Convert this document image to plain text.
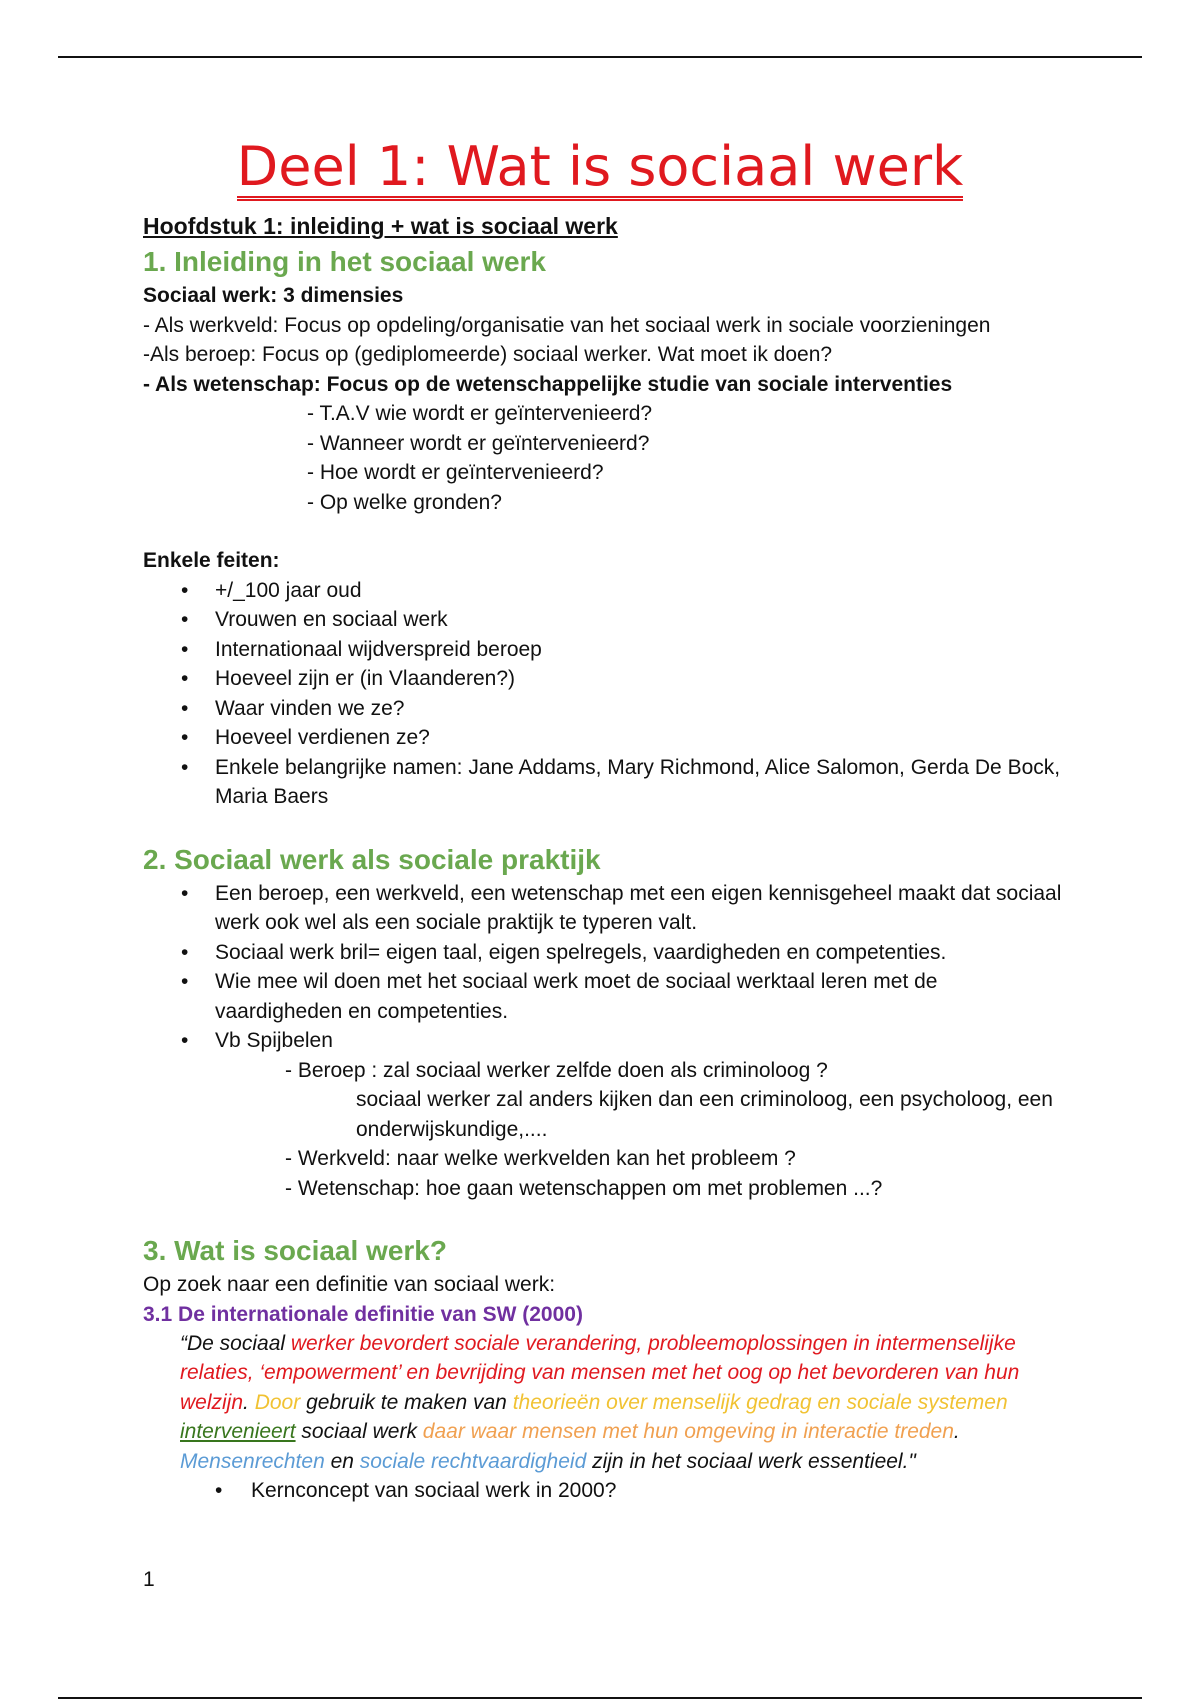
Deel 1: Wat is sociaal werk

Hoofdstuk 1: inleiding + wat is sociaal werk

1. Inleiding in het sociaal werk

Sociaal werk: 3 dimensies

- Als werkveld: Focus op opdeling/organisatie van het sociaal werk in sociale voorzieningen

-Als beroep: Focus op (gediplomeerde) sociaal werker. Wat moet ik doen?

- Als wetenschap: Focus op de wetenschappelijke studie van sociale interventies

- T.A.V wie wordt er geïntervenieerd?

- Wanneer wordt er geïntervenieerd?

- Hoe wordt er geïntervenieerd?

- Op welke gronden?

Enkele feiten:

• +/_100 jaar oud
• Vrouwen en sociaal werk
• Internationaal wijdverspreid beroep
• Hoeveel zijn er (in Vlaanderen?)
• Waar vinden we ze?
• Hoeveel verdienen ze?
• Enkele belangrijke namen: Jane Addams, Mary Richmond, Alice Salomon, Gerda De Bock, Maria Baers

2. Sociaal werk als sociale praktijk

• Een beroep, een werkveld, een wetenschap met een eigen kennisgeheel maakt dat sociaal werk ook wel als een sociale praktijk te typeren valt.
• Sociaal werk bril= eigen taal, eigen spelregels, vaardigheden en competenties.
• Wie mee wil doen met het sociaal werk moet de sociaal werktaal leren met de vaardigheden en competenties.
• Vb Spijbelen

- Beroep : zal sociaal werker zelfde doen als criminoloog ?

sociaal werker zal anders kijken dan een criminoloog, een psycholoog, een onderwijskundige,....

- Werkveld: naar welke werkvelden kan het probleem ?

- Wetenschap: hoe gaan wetenschappen om met problemen ...?

3. Wat is sociaal werk?

Op zoek naar een definitie van sociaal werk:

3.1 De internationale definitie van SW (2000)

“De sociaal werker bevordert sociale verandering, probleemoplossingen in intermenselijke relaties, ‘empowerment’ en bevrijding van mensen met het oog op het bevorderen van hun welzijn. Door gebruik te maken van theorieën over menselijk gedrag en sociale systemen intervenieert sociaal werk daar waar mensen met hun omgeving in interactie treden. Mensenrechten en sociale rechtvaardigheid zijn in het sociaal werk essentieel."

• Kernconcept van sociaal werk in 2000?
1
